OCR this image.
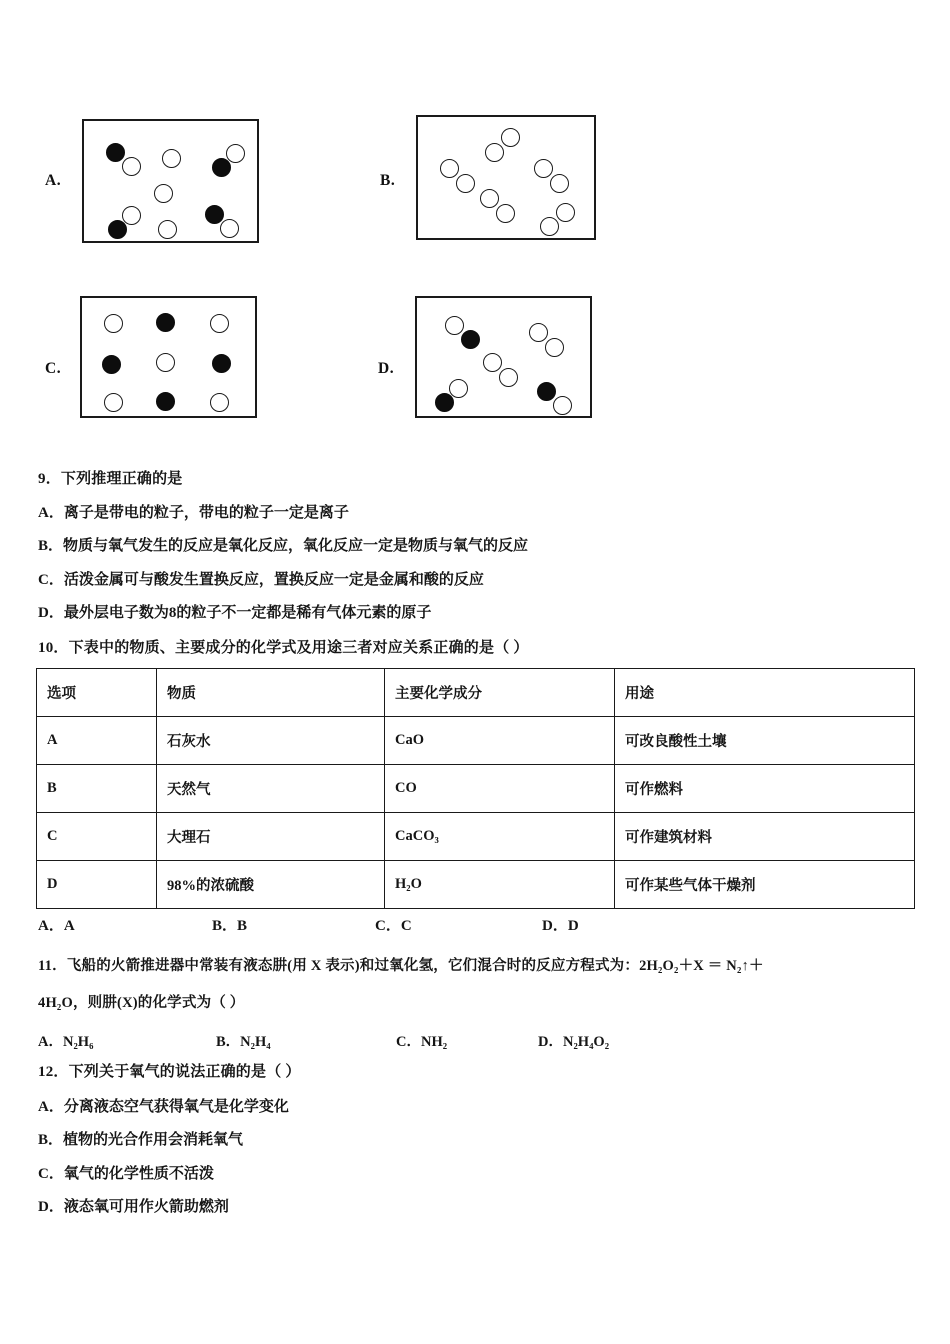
A.	B.
C.	D.
9．下列推理正确的是
A．离子是带电的粒子，带电的粒子一定是离子
B．物质与氧气发生的反应是氧化反应，氧化反应一定是物质与氧气的反应
C．活泼金属可与酸发生置换反应，置换反应一定是金属和酸的反应
D．最外层电子数为8的粒子不一定都是稀有气体元素的原子
10．下表中的物质、主要成分的化学式及用途三者对应关系正确的是（ ）
选项	物质	主要化学成分	用途
A	石灰水	CaO	可改良酸性土壤
B	天然气	CO	可作燃料
C	大理石	CaCO₃	可作建筑材料
D	98%的浓硫酸	H₂O	可作某些气体干燥剂
A．A	B．B	C．C	D．D
11．飞船的火箭推进器中常装有液态肼(用 X 表示)和过氧化氢，它们混合时的反应方程式为：2H₂O₂＋X ＝ N₂↑＋
4H₂O，则肼(X)的化学式为（ ）
A．N₂H₆	B．N₂H₄	C．NH₂	D．N₂H₄O₂
12．下列关于氧气的说法正确的是（ ）
A．分离液态空气获得氧气是化学变化
B．植物的光合作用会消耗氧气
C．氧气的化学性质不活泼
D．液态氧可用作火箭助燃剂
